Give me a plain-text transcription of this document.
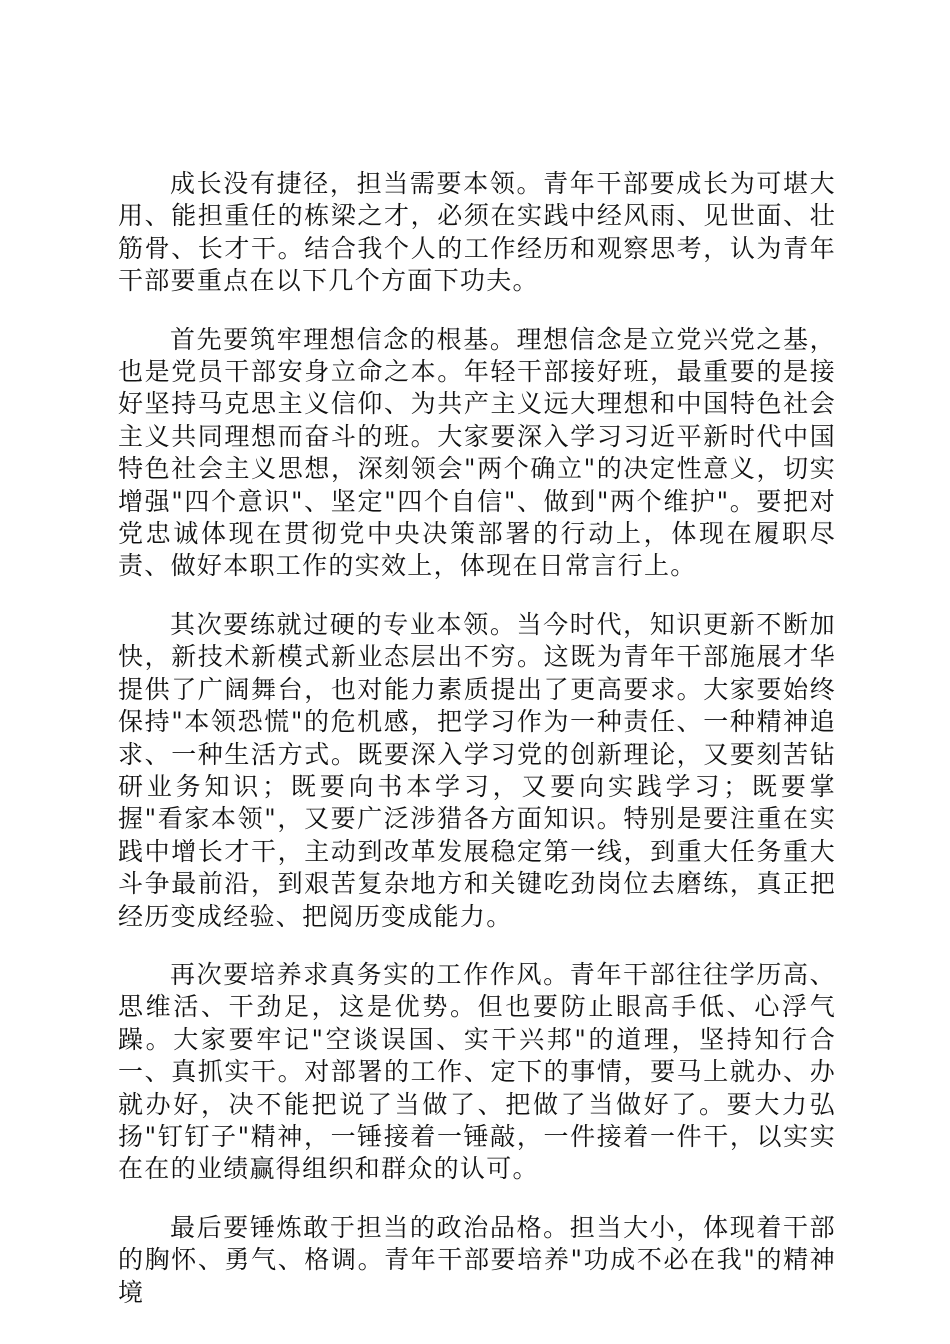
成长没有捷径，担当需要本领。青年干部要成长为可堪大用、能担重任的栋梁之才，必须在实践中经风雨、见世面、壮筋骨、长才干。结合我个人的工作经历和观察思考，认为青年干部要重点在以下几个方面下功夫。

首先要筑牢理想信念的根基。理想信念是立党兴党之基，也是党员干部安身立命之本。年轻干部接好班，最重要的是接好坚持马克思主义信仰、为共产主义远大理想和中国特色社会主义共同理想而奋斗的班。大家要深入学习习近平新时代中国特色社会主义思想，深刻领会"两个确立"的决定性意义，切实增强"四个意识"、坚定"四个自信"、做到"两个维护"。要把对党忠诚体现在贯彻党中央决策部署的行动上，体现在履职尽责、做好本职工作的实效上，体现在日常言行上。

其次要练就过硬的专业本领。当今时代，知识更新不断加快，新技术新模式新业态层出不穷。这既为青年干部施展才华提供了广阔舞台，也对能力素质提出了更高要求。大家要始终保持"本领恐慌"的危机感，把学习作为一种责任、一种精神追求、一种生活方式。既要深入学习党的创新理论，又要刻苦钻研业务知识；既要向书本学习，又要向实践学习；既要掌握"看家本领"，又要广泛涉猎各方面知识。特别是要注重在实践中增长才干，主动到改革发展稳定第一线，到重大任务重大斗争最前沿，到艰苦复杂地方和关键吃劲岗位去磨练，真正把经历变成经验、把阅历变成能力。

再次要培养求真务实的工作作风。青年干部往往学历高、思维活、干劲足，这是优势。但也要防止眼高手低、心浮气躁。大家要牢记"空谈误国、实干兴邦"的道理，坚持知行合一、真抓实干。对部署的工作、定下的事情，要马上就办、办就办好，决不能把说了当做了、把做了当做好了。要大力弘扬"钉钉子"精神，一锤接着一锤敲，一件接着一件干，以实实在在的业绩赢得组织和群众的认可。

最后要锤炼敢于担当的政治品格。担当大小，体现着干部的胸怀、勇气、格调。青年干部要培养"功成不必在我"的精神境
